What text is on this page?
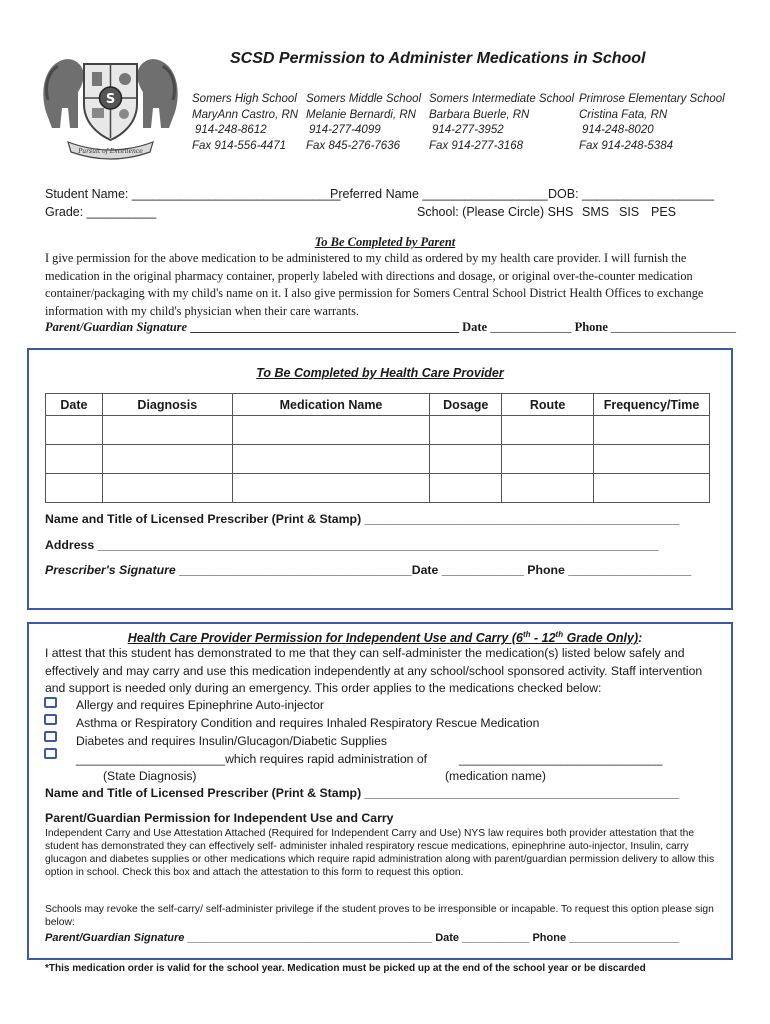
S
Pursuit of Excellence
SCSD Permission to Administer Medications in School
Somers High School
MaryAnn Castro, RN
914-248-8612
Fax 914-556-4471
Somers Middle School
Melanie Bernardi, RN
914-277-4099
Fax 845-276-7636
Somers Intermediate School
Barbara Buerle, RN
914-277-3952
Fax 914-277-3168
Primrose Elementary School
Cristina Fata, RN
914-248-8020
Fax 914-248-5384
Student Name: ______________________________
Preferred Name __________________ DOB: ___________________
Grade: __________	School: (Please Circle) SHS SMS SIS PES
To Be Completed by Parent
I give permission for the above medication to be administered to my child as ordered by my health care provider. I will furnish the medication in the original pharmacy container, properly labeled with directions and dosage, or original over-the-counter medication container/packaging with my child's name on it. I also give permission for Somers Central School District Health Offices to exchange information with my child's physician when their care warrants.
Parent/Guardian Signature ___________________________________________ Date _____________ Phone ____________________
To Be Completed by Health Care Provider
Date	Diagnosis	Medication Name	Dosage	Route	Frequency/Time

Name and Title of Licensed Prescriber (Print & Stamp) ______________________________________________
Address __________________________________________________________________________________
Prescriber's Signature __________________________________Date ____________ Phone __________________
Health Care Provider Permission for Independent Use and Carry (6th - 12th Grade Only):
I attest that this student has demonstrated to me that they can self-administer the medication(s) listed below safely and effectively and may carry and use this medication independently at any school/school sponsored activity. Staff intervention and support is needed only during an emergency. This order applies to the medications checked below:
Allergy and requires Epinephrine Auto-injector
Asthma or Respiratory Condition and requires Inhaled Respiratory Rescue Medication
Diabetes and requires Insulin/Glucagon/Diabetic Supplies
______________________which requires rapid administration of	______________________________
(State Diagnosis)	(medication name)
Name and Title of Licensed Prescriber (Print & Stamp) ______________________________________________
Parent/Guardian Permission for Independent Use and Carry
Independent Carry and Use Attestation Attached (Required for Independent Carry and Use) NYS law requires both provider attestation that the student has demonstrated they can effectively self- administer inhaled respiratory rescue medications, epinephrine auto-injector, Insulin, carry glucagon and diabetes supplies or other medications which require rapid administration along with parent/guardian permission delivery to allow this option in school. Check this box and attach the attestation to this form to request this option.
Schools may revoke the self-carry/ self-administer privilege if the student proves to be irresponsible or incapable. To request this option please sign below:
Parent/Guardian Signature ________________________________________ Date ___________ Phone __________________
*This medication order is valid for the school year. Medication must be picked up at the end of the school year or be discarded
